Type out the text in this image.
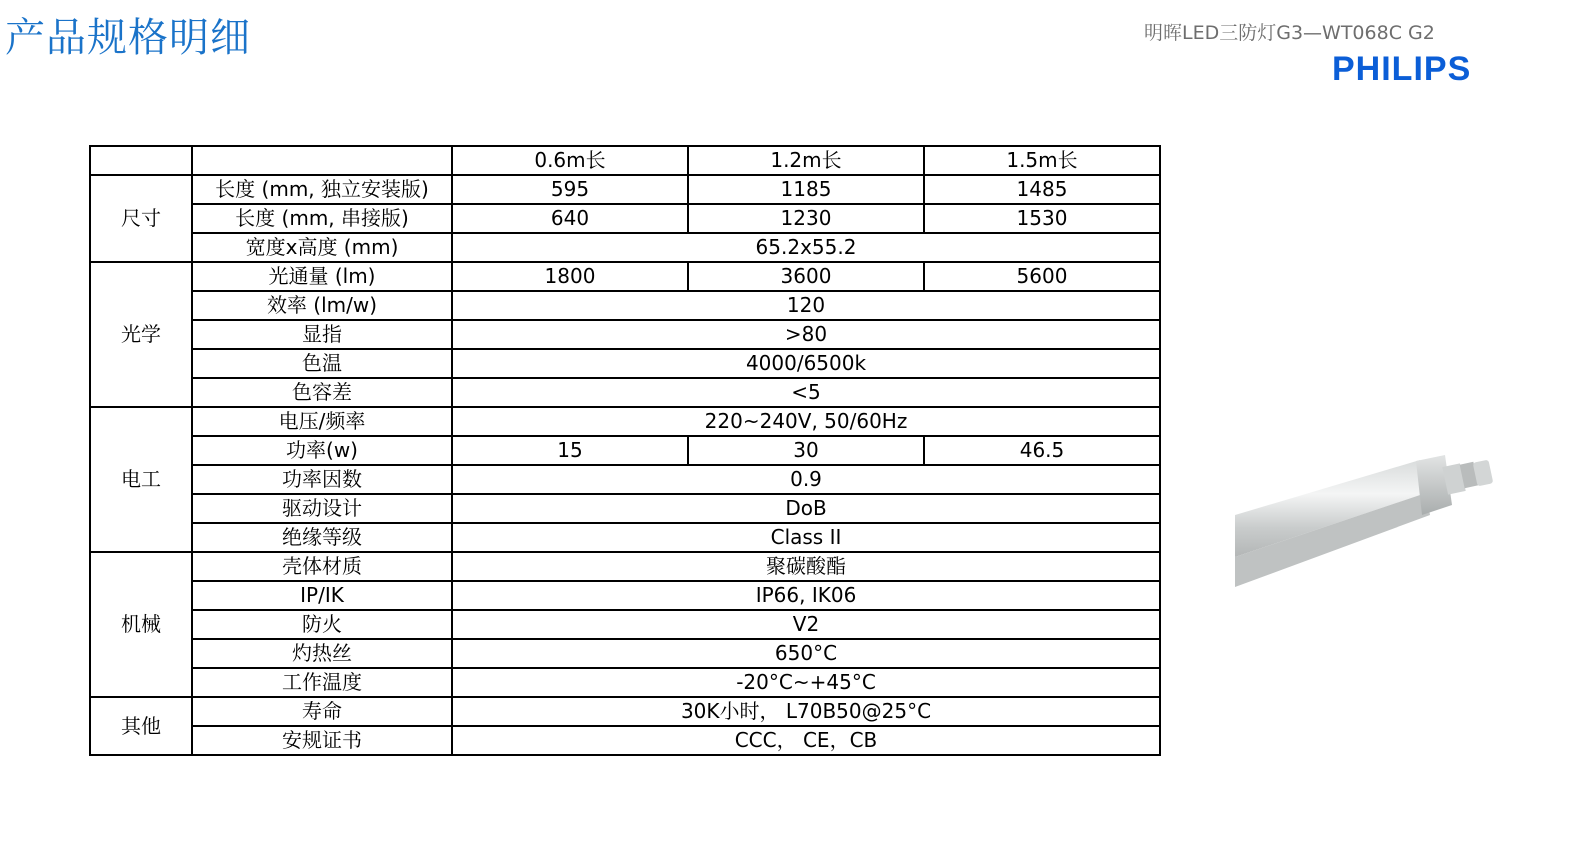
产品规格明细	明晖LED三防灯G3—WT068C G2
PHILIPS
		0.6m长	1.2m长	1.5m长
尺寸	长度 (mm, 独立安装版)	595	1185	1485
	长度 (mm, 串接版)	640	1230	1530
	宽度x高度 (mm)	65.2x55.2		
光学	光通量 (lm)	1800	3600	5600
	效率 (lm/w)	120		
	显指	>80		
	色温	4000/6500k		
	色容差	<5		
电工	电压/频率	220~240V, 50/60Hz		
	功率(w)	15	30	46.5
	功率因数	0.9		
	驱动设计	DoB		
	绝缘等级	Class II		
机械	壳体材质	聚碳酸酯		
	IP/IK	IP66, IK06		
	防火	V2		
	灼热丝	650°C		
	工作温度	-20°C~+45°C		
其他	寿命	30K小时， L70B50@25°C		
	安规证书	CCC， CE，CB		
